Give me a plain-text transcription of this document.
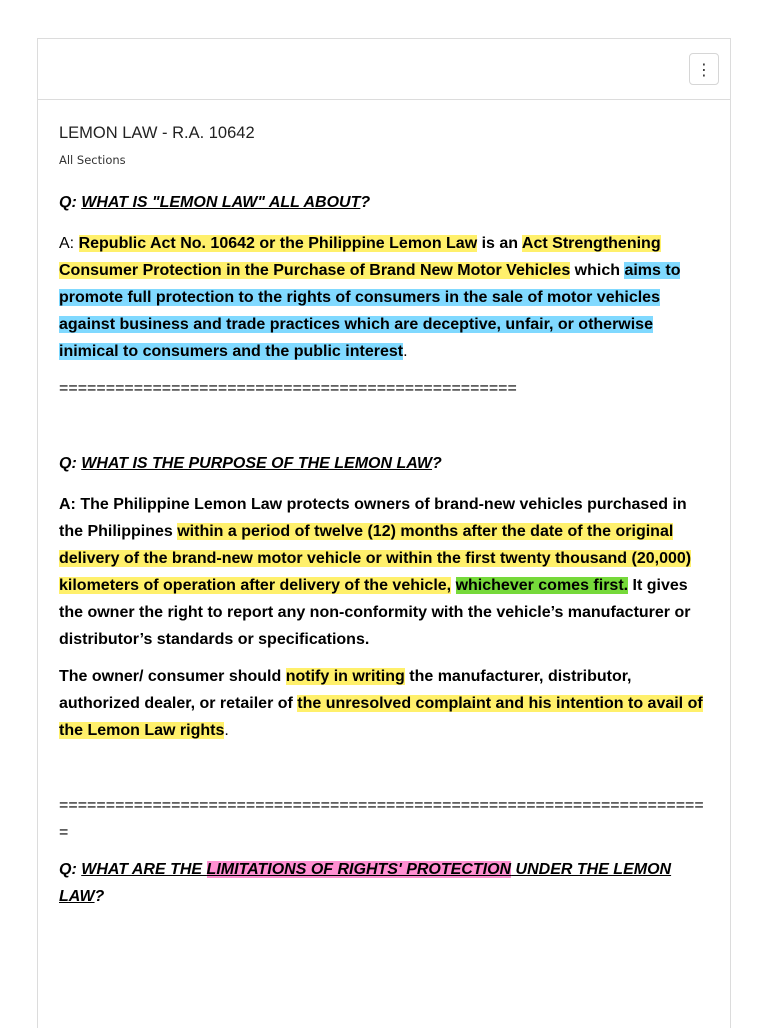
⋮
LEMON LAW - R.A. 10642
All Sections

Q: WHAT IS "LEMON LAW" ALL ABOUT?

A: Republic Act No. 10642 or the Philippine Lemon Law is an Act Strengthening Consumer Protection in the Purchase of Brand New Motor Vehicles which aims to promote full protection to the rights of consumers in the sale of motor vehicles against business and trade practices which are deceptive, unfair, or otherwise inimical to consumers and the public interest.

=================================================

Q: WHAT IS THE PURPOSE OF THE LEMON LAW?

A: The Philippine Lemon Law protects owners of brand-new vehicles purchased in the Philippines within a period of twelve (12) months after the date of the original delivery of the brand-new motor vehicle or within the first twenty thousand (20,000) kilometers of operation after delivery of the vehicle, whichever comes first. It gives the owner the right to report any non-conformity with the vehicle’s manufacturer or distributor’s standards or specifications.

The owner/ consumer should notify in writing the manufacturer, distributor, authorized dealer, or retailer of the unresolved complaint and his intention to avail of the Lemon Law rights.

======================================================================

Q: WHAT ARE THE LIMITATIONS OF RIGHTS' PROTECTION UNDER THE LEMON LAW?
